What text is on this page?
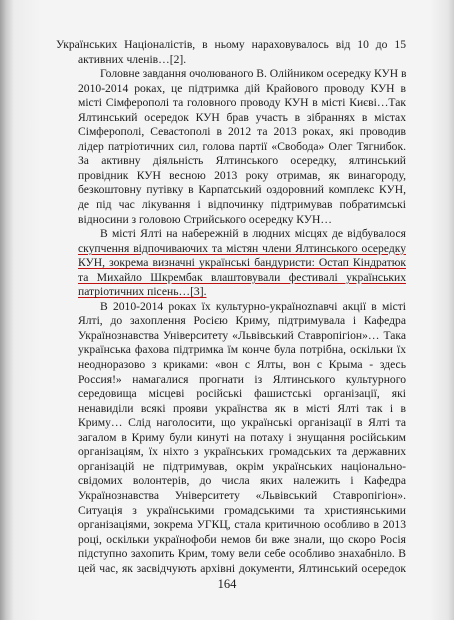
Українських Націоналістів, в ньому нараховувалось від 10 до 15
активних членів…[2].
Головне завдання очолюваного В. Олійником осередку КУН в
2010-2014 роках, це підтримка дій Крайового проводу КУН в
місті Сімферополі та головного проводу КУН в місті Києві…Так
Ялтинський осередок КУН брав участь в зібраннях в містах
Сімферополі, Севастополі в 2012 та 2013 роках, які проводив
лідер патріотичних сил, голова партії «Свобода» Олег Тягнибок.
За активну діяльність Ялтинського осередку, ялтинський
провідник КУН весною 2013 року отримав, як винагороду,
безкоштовну путівку в Карпатський оздоровний комплекс КУН,
де під час лікування і відпочинку підтримував побратимські
відносини з головою Стрийського осередку КУН…
В місті Ялті на набережній в людних місцях де відбувалося
скупчення відпочиваючих та містян члени Ялтинського осередку
КУН, зокрема визначні українські бандуристи: Остап Кіндратюк
та Михайло Шкрембак влаштовували фестивалі українських
патріотичних пісень…[3].
В 2010-2014 роках їх культурно-україноznавчі акції в місті
Ялті, до захоплення Росією Криму, підтримувала і Кафедра
Українознавства Університету «Львівський Ставропігіон»… Така
українська фахова підтримка їм конче була потрібна, оскільки їх
неодноразово з криками: «вон с Ялты, вон с Крыма - здесь
Россия!» намагалися прогнати із Ялтинського культурного
середовища місцеві російські фашистські організації, які
ненавиділи всякі прояви українства як в місті Ялті так і в
Криму… Слід наголосити, що українські організації в Ялті та
загалом в Криму були кинуті на потаху і знущання російським
організаціям, їх ніхто з українських громадських та державних
організацій не підтримував, окрім українських національно-
свідомих волонтерів, до числа яких належить і Кафедра
Українознавства Університету «Львівський Ставропігіон».
Ситуація з українськими громадськими та християнськими
організаціями, зокрема УГКЦ, стала критичною особливо в 2013
році, оскільки українофоби немов би вже знали, що скоро Росія
підступно захопить Крим, тому вели себе особливо знахабніло. В
цей час, як засвідчують архівні документи, Ялтинський осередок
164
